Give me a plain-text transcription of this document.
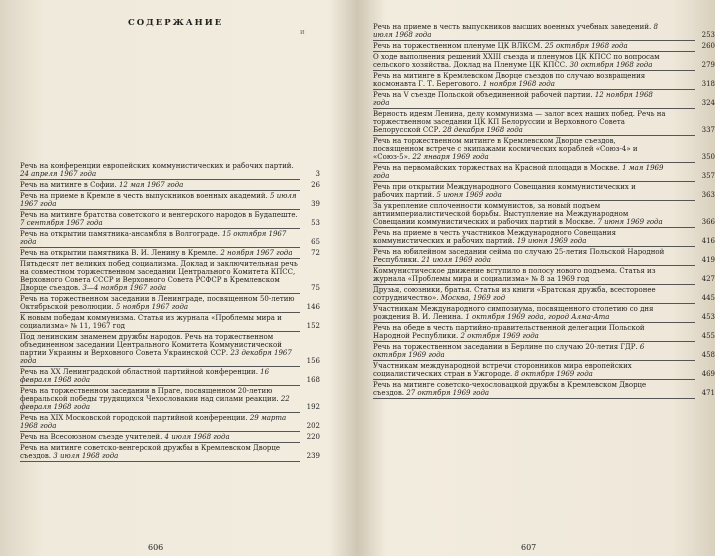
СОДЕРЖАНИЕ
и
Речь на конференции европейских коммунистических и рабочих партий. 24 апреля 1967 года	3
Речь на митинге в Софии. 12 мая 1967 года	26
Речь на приеме в Кремле в честь выпускников военных академий. 5 июля 1967 года	39
Речь на митинге братства советского и венгерского народов в Будапеште. 7 сентября 1967 года	53
Речь на открытии памятника-ансамбля в Волгограде. 15 октября 1967 года	65
Речь на открытии памятника В. И. Ленину в Кремле. 2 ноября 1967 года	72
Пятьдесят лет великих побед социализма. Доклад и заключительная речь на совместном торжественном заседании Центрального Комитета КПСС, Верховного Совета СССР и Верховного Совета РСФСР в Кремлевском Дворце съездов. 3—4 ноября 1967 года	75
Речь на торжественном заседании в Ленинграде, посвященном 50-летию Октябрьской революции. 5 ноября 1967 года	146
К новым победам коммунизма. Статья из журнала «Проблемы мира и социализма» № 11, 1967 год	152
Под ленинским знаменем дружбы народов. Речь на торжественном объединенном заседании Центрального Комитета Коммунистической партии Украины и Верховного Совета Украинской ССР. 23 декабря 1967 года	156
Речь на XX Ленинградской областной партийной конференции. 16 февраля 1968 года	168
Речь на торжественном заседании в Праге, посвященном 20-летию февральской победы трудящихся Чехословакии над силами реакции. 22 февраля 1968 года	192
Речь на XIX Московской городской партийной конференции. 29 марта 1968 года	202
Речь на Всесоюзном съезде учителей. 4 июля 1968 года	220
Речь на митинге советско-венгерской дружбы в Кремлевском Дворце съездов. 3 июля 1968 года	239
606
Речь на приеме в честь выпускников высших военных учебных заведений. 8 июля 1968 года	253
Речь на торжественном пленуме ЦК ВЛКСМ. 25 октября 1968 года	260
О ходе выполнения решений XXIII съезда и пленумов ЦК КПСС по вопросам сельского хозяйства. Доклад на Пленуме ЦК КПСС. 30 октября 1968 года	279
Речь на митинге в Кремлевском Дворце съездов по случаю возвращения космонавта Г. Т. Берегового. 1 ноября 1968 года	318
Речь на V съезде Польской объединенной рабочей партии. 12 ноября 1968 года	324
Верность идеям Ленина, делу коммунизма — залог всех наших побед. Речь на торжественном заседании ЦК КП Белоруссии и Верховного Совета Белорусской ССР. 28 декабря 1968 года	337
Речь на торжественном митинге в Кремлевском Дворце съездов, посвященном встрече с экипажами космических кораблей «Союз-4» и «Союз-5». 22 января 1969 года	350
Речь на первомайских торжествах на Красной площади в Москве. 1 мая 1969 года	357
Речь при открытии Международного Совещания коммунистических и рабочих партий. 5 июня 1969 года	363
За укрепление сплоченности коммунистов, за новый подъем антиимпериалистической борьбы. Выступление на Международном Совещании коммунистических и рабочих партий в Москве. 7 июня 1969 года	366
Речь на приеме в честь участников Международного Совещания коммунистических и рабочих партий. 19 июня 1969 года	416
Речь на юбилейном заседании сейма по случаю 25-летия Польской Народной Республики. 21 июля 1969 года	419
Коммунистическое движение вступило в полосу нового подъема. Статья из журнала «Проблемы мира и социализма» № 8 за 1969 год	427
Друзья, союзники, братья. Статья из книги «Братская дружба, всесторонее сотрудничество». Москва, 1969 год	445
Участникам Международного симпозиума, посвященного столетию со дня рождения В. И. Ленина. 1 октября 1969 года, город Алма-Ата	453
Речь на обеде в честь партийно-правительственной делегации Польской Народной Республики. 2 октября 1969 года	455
Речь на торжественном заседании в Берлине по случаю 20-летия ГДР. 6 октября 1969 года	458
Участникам международной встречи сторонников мира европейских социалистических стран в Ужгороде. 8 октября 1969 года	469
Речь на митинге советско-чехословацкой дружбы в Кремлевском Дворце съездов. 27 октября 1969 года	471
607
